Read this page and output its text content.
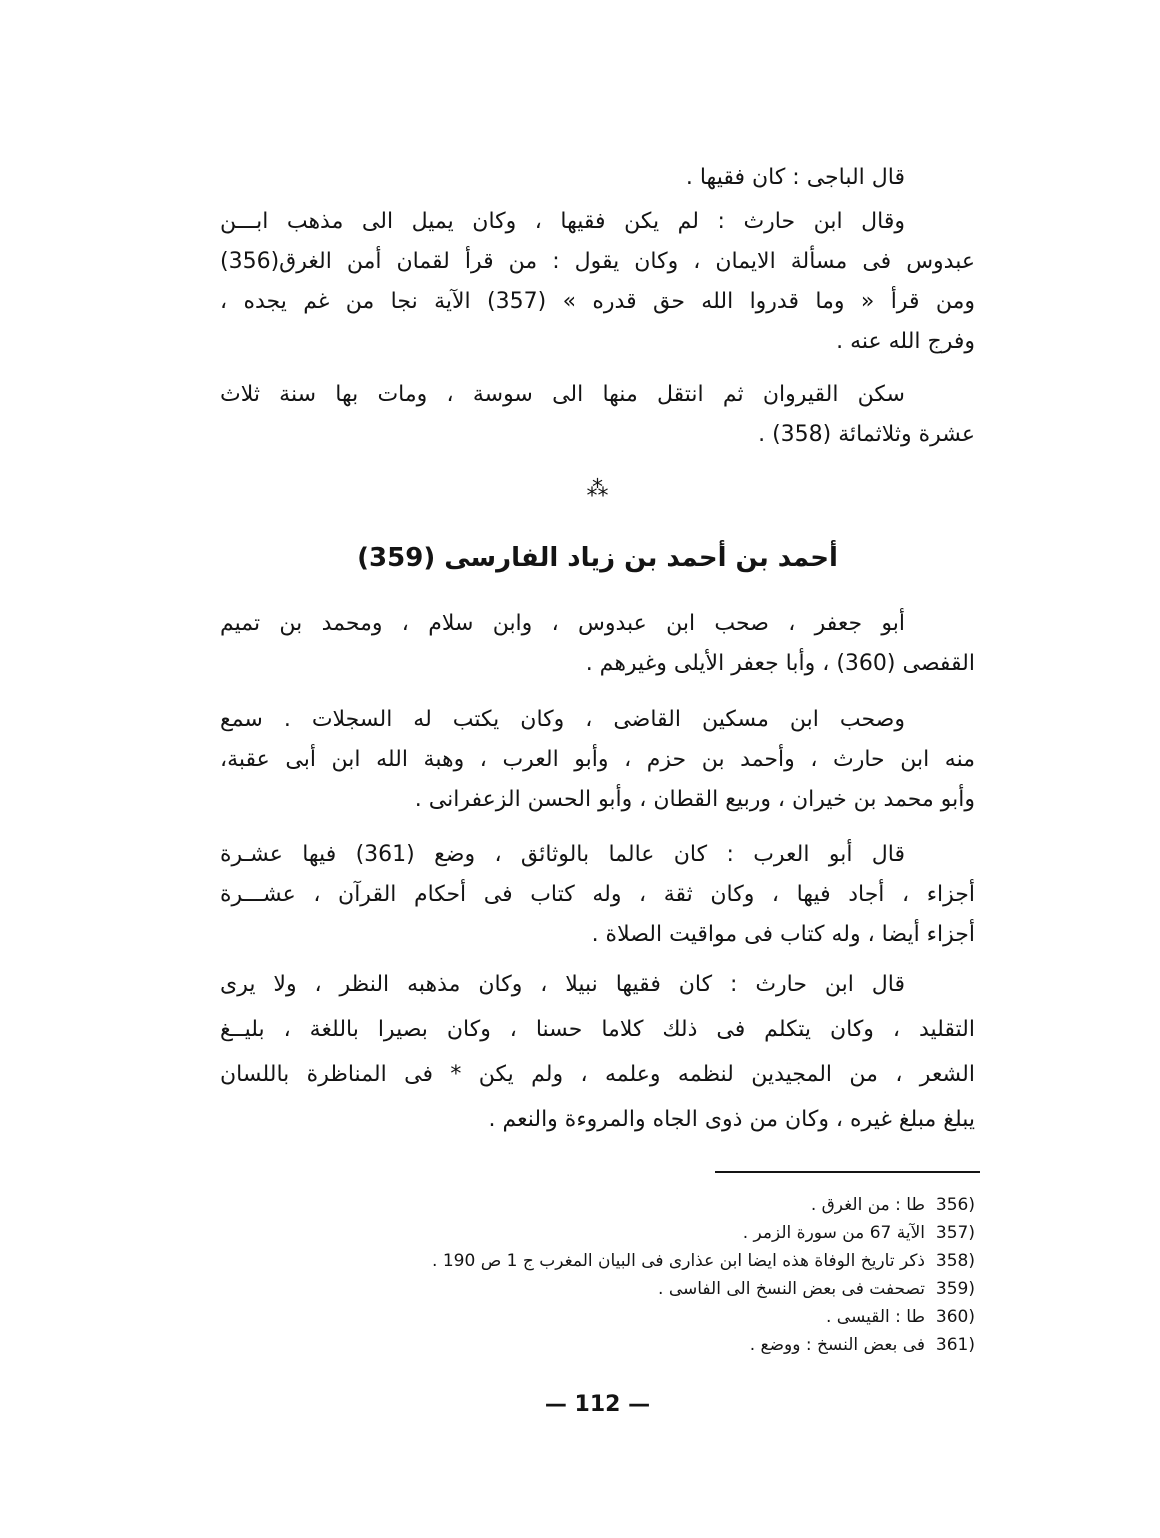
قال الباجى : كان فقيها .
وقال ابن حارث : لم يكن فقيها ، وكان يميل الى مذهب ابـــن
عبدوس فى مسألة الايمان ، وكان يقول : من قرأ لقمان أمن الغرق(356)
ومن قرأ « وما قدروا الله حق قدره » (357) الآية نجا من غم يجده ،
وفرج الله عنه .
سكن القيروان ثم انتقل منها الى سوسة ، ومات بها سنة ثلاث
عشرة وثلاثمائة (358) .
⁂
أحمد بن أحمد بن زياد الفارسى (359)
أبو جعفر ، صحب ابن عبدوس ، وابن سلام ، ومحمد بن تميم
القفصى (360) ، وأبا جعفر الأيلى وغيرهم .
وصحب ابن مسكين القاضى ، وكان يكتب له السجلات . سمع
منه ابن حارث ، وأحمد بن حزم ، وأبو العرب ، وهبة الله ابن أبى عقبة،
وأبو محمد بن خيران ، وربيع القطان ، وأبو الحسن الزعفرانى .
قال أبو العرب : كان عالما بالوثائق ، وضع (361) فيها عشـرة
أجزاء ، أجاد فيها ، وكان ثقة ، وله كتاب فى أحكام القرآن ، عشـــرة
أجزاء أيضا ، وله كتاب فى مواقيت الصلاة .
قال ابن حارث : كان فقيها نبيلا ، وكان مذهبه النظر ، ولا يرى
التقليد ، وكان يتكلم فى ذلك كلاما حسنا ، وكان بصيرا باللغة ، بليــغ
الشعر ، من المجيدين لنظمه وعلمه ، ولم يكن * فى المناظرة باللسان
يبلغ مبلغ غيره ، وكان من ذوى الجاه والمروءة والنعم .
356)
طا : من الغرق .
357)
الآية 67 من سورة الزمر .
358)
ذكر تاريخ الوفاة هذه ايضا ابن عذارى فى البيان المغرب ج 1 ص 190 .
359)
تصحفت فى بعض النسخ الى الفاسى .
360)
طا : القيسى .
361)
فى بعض النسخ : ووضع .
— 112 —
